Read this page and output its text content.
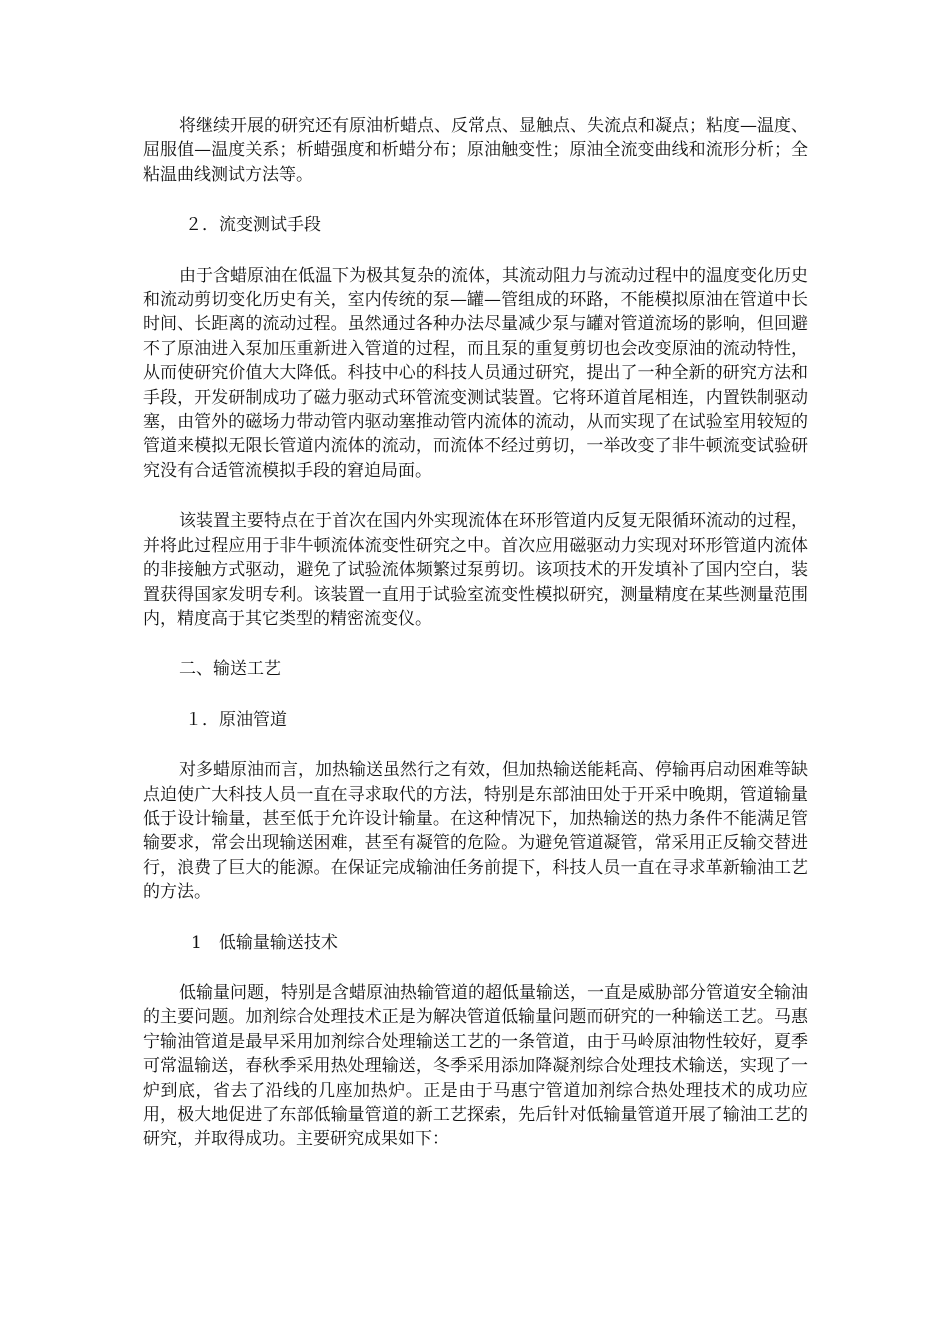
将继续开展的研究还有原油析蜡点、反常点、显触点、失流点和凝点；粘度—温度、屈服值—温度关系；析蜡强度和析蜡分布；原油触变性；原油全流变曲线和流形分析；全粘温曲线测试方法等。

２．流变测试手段

由于含蜡原油在低温下为极其复杂的流体，其流动阻力与流动过程中的温度变化历史和流动剪切变化历史有关，室内传统的泵—罐—管组成的环路，不能模拟原油在管道中长时间、长距离的流动过程。虽然通过各种办法尽量减少泵与罐对管道流场的影响，但回避不了原油进入泵加压重新进入管道的过程，而且泵的重复剪切也会改变原油的流动特性，从而使研究价值大大降低。科技中心的科技人员通过研究，提出了一种全新的研究方法和手段，开发研制成功了磁力驱动式环管流变测试装置。它将环道首尾相连，内置铁制驱动塞，由管外的磁场力带动管内驱动塞推动管内流体的流动，从而实现了在试验室用较短的管道来模拟无限长管道内流体的流动，而流体不经过剪切，一举改变了非牛顿流变试验研究没有合适管流模拟手段的窘迫局面。

该装置主要特点在于首次在国内外实现流体在环形管道内反复无限循环流动的过程，并将此过程应用于非牛顿流体流变性研究之中。首次应用磁驱动力实现对环形管道内流体的非接触方式驱动，避免了试验流体频繁过泵剪切。该项技术的开发填补了国内空白，装置获得国家发明专利。该装置一直用于试验室流变性模拟研究，测量精度在某些测量范围内，精度高于其它类型的精密流变仪。

二、输送工艺

１．原油管道

对多蜡原油而言，加热输送虽然行之有效，但加热输送能耗高、停输再启动困难等缺点迫使广大科技人员一直在寻求取代的方法，特别是东部油田处于开采中晚期，管道输量低于设计输量，甚至低于允许设计输量。在这种情况下，加热输送的热力条件不能满足管输要求，常会出现输送困难，甚至有凝管的危险。为避免管道凝管，常采用正反输交替进行，浪费了巨大的能源。在保证完成输油任务前提下，科技人员一直在寻求革新输油工艺的方法。

1　低输量输送技术

低输量问题，特别是含蜡原油热输管道的超低量输送，一直是威胁部分管道安全输油的主要问题。加剂综合处理技术正是为解决管道低输量问题而研究的一种输送工艺。马惠宁输油管道是最早采用加剂综合处理输送工艺的一条管道，由于马岭原油物性较好，夏季可常温输送，春秋季采用热处理输送，冬季采用添加降凝剂综合处理技术输送，实现了一炉到底，省去了沿线的几座加热炉。正是由于马惠宁管道加剂综合热处理技术的成功应用，极大地促进了东部低输量管道的新工艺探索，先后针对低输量管道开展了输油工艺的研究，并取得成功。主要研究成果如下：
